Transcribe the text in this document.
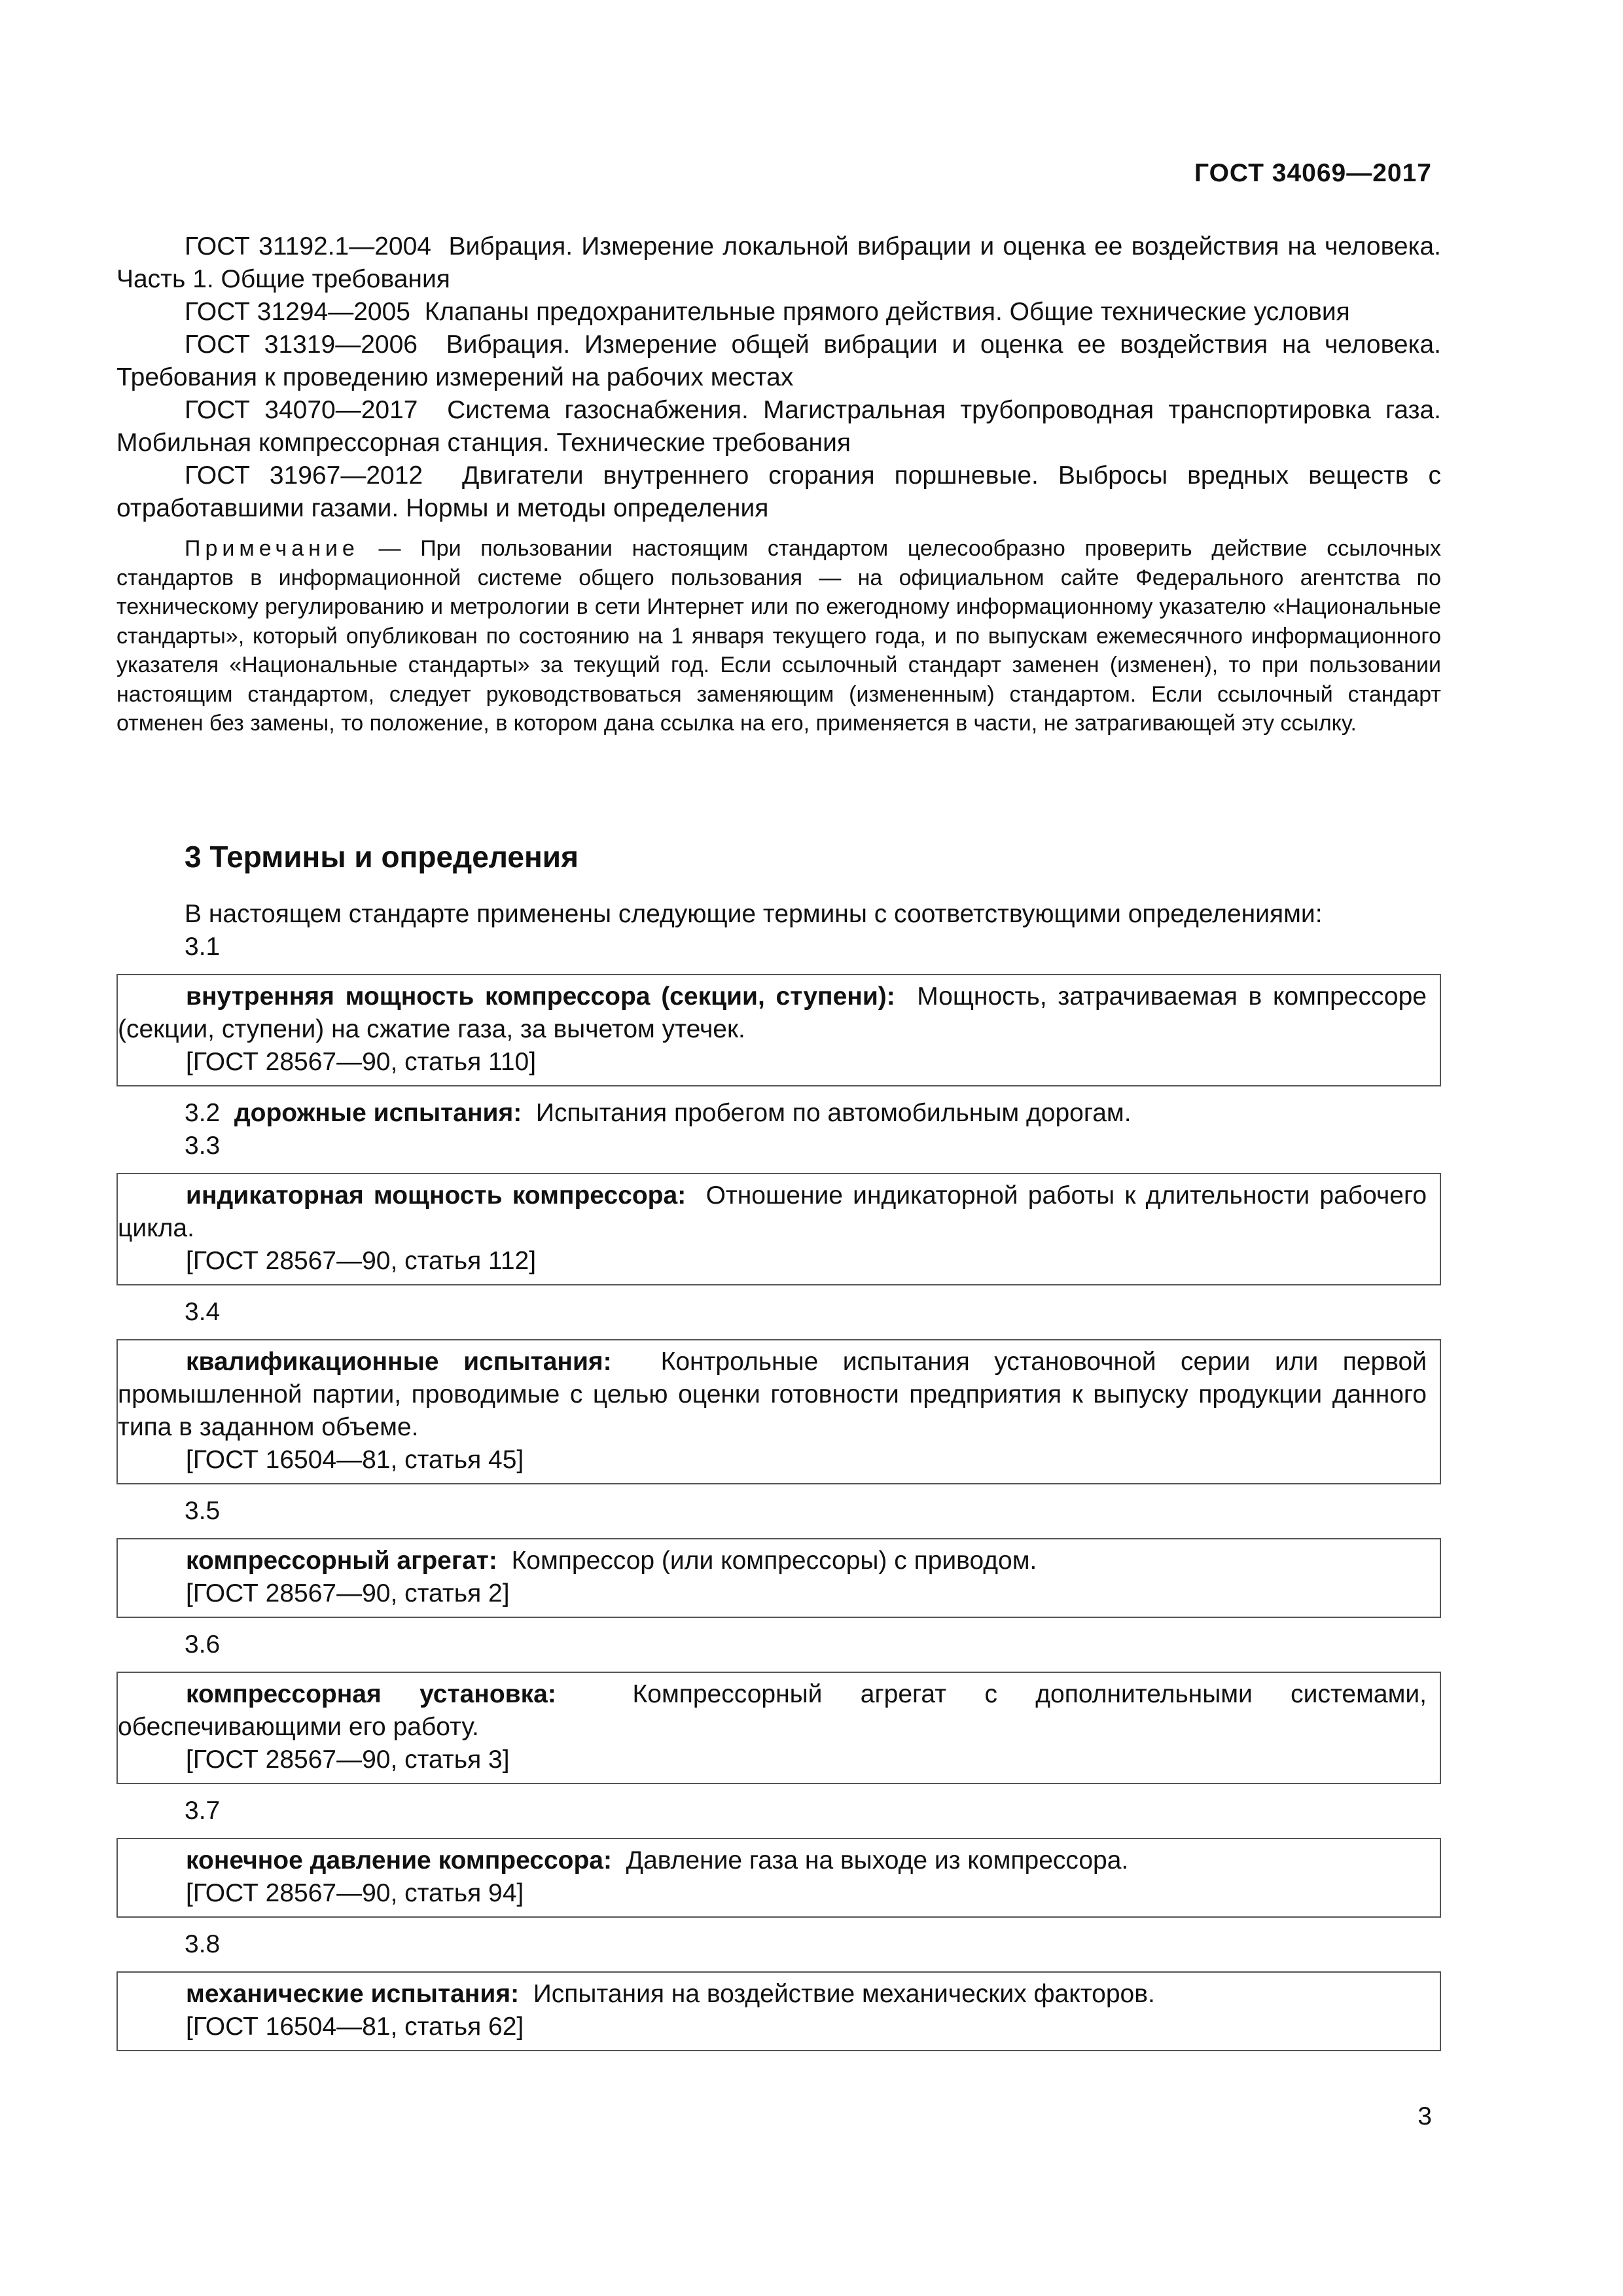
ГОСТ 34069—2017

ГОСТ 31192.1—2004 Вибрация. Измерение локальной вибрации и оценка ее воздействия на человека. Часть 1. Общие требования

ГОСТ 31294—2005 Клапаны предохранительные прямого действия. Общие технические условия

ГОСТ 31319—2006 Вибрация. Измерение общей вибрации и оценка ее воздействия на человека. Требования к проведению измерений на рабочих местах

ГОСТ 34070—2017 Система газоснабжения. Магистральная трубопроводная транспортировка газа. Мобильная компрессорная станция. Технические требования

ГОСТ 31967—2012 Двигатели внутреннего сгорания поршневые. Выбросы вредных веществ с отработавшими газами. Нормы и методы определения

Примечание — При пользовании настоящим стандартом целесообразно проверить действие ссылочных стандартов в информационной системе общего пользования — на официальном сайте Федерального агентства по техническому регулированию и метрологии в сети Интернет или по ежегодному информационному указателю «Национальные стандарты», который опубликован по состоянию на 1 января текущего года, и по выпускам ежемесячного информационного указателя «Национальные стандарты» за текущий год. Если ссылочный стандарт заменен (изменен), то при пользовании настоящим стандартом, следует руководствоваться заменяющим (измененным) стандартом. Если ссылочный стандарт отменен без замены, то положение, в котором дана ссылка на его, применяется в части, не затрагивающей эту ссылку.

3 Термины и определения
В настоящем стандарте применены следующие термины с соответствующими определениями:
3.1
внутренняя мощность компрессора (секции, ступени): Мощность, затрачиваемая в компрессоре (секции, ступени) на сжатие газа, за вычетом утечек.
[ГОСТ 28567—90, статья 110]
3.2 дорожные испытания: Испытания пробегом по автомобильным дорогам.
3.3
индикаторная мощность компрессора: Отношение индикаторной работы к длительности рабочего цикла.
[ГОСТ 28567—90, статья 112]
3.4
квалификационные испытания: Контрольные испытания установочной серии или первой промышленной партии, проводимые с целью оценки готовности предприятия к выпуску продукции данного типа в заданном объеме.
[ГОСТ 16504—81, статья 45]
3.5
компрессорный агрегат: Компрессор (или компрессоры) с приводом.
[ГОСТ 28567—90, статья 2]
3.6
компрессорная установка:	Компрессорный агрегат с дополнительными системами, обеспечивающими его работу.
[ГОСТ 28567—90, статья 3]
3.7
конечное давление компрессора: Давление газа на выходе из компрессора.
[ГОСТ 28567—90, статья 94]
3.8
механические испытания: Испытания на воздействие механических факторов.
[ГОСТ 16504—81, статья 62]
3
